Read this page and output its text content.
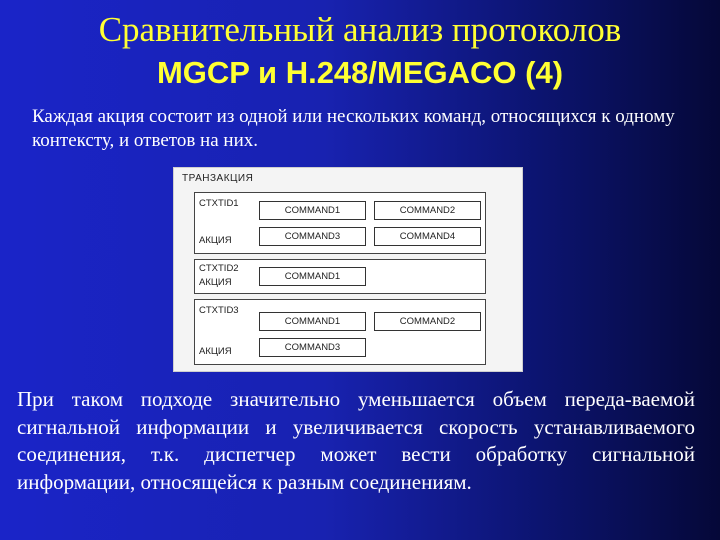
Сравнительный анализ протоколов
MGCP и H.248/MEGACO (4)
Каждая акция состоит из одной или нескольких команд, относящихся к одному контексту, и ответов на них.
ТРАНЗАКЦИЯ
CTXTID1
АКЦИЯ
COMMAND1	COMMAND2
COMMAND3	COMMAND4
CTXTID2
АКЦИЯ
COMMAND1
CTXTID3
АКЦИЯ
COMMAND1	COMMAND2
COMMAND3
При таком подходе значительно уменьшается объем переда-ваемой сигнальной информации и увеличивается скорость устанавливаемого соединения, т.к. диспетчер может вести обработку сигнальной информации, относящейся к разным соединениям.
